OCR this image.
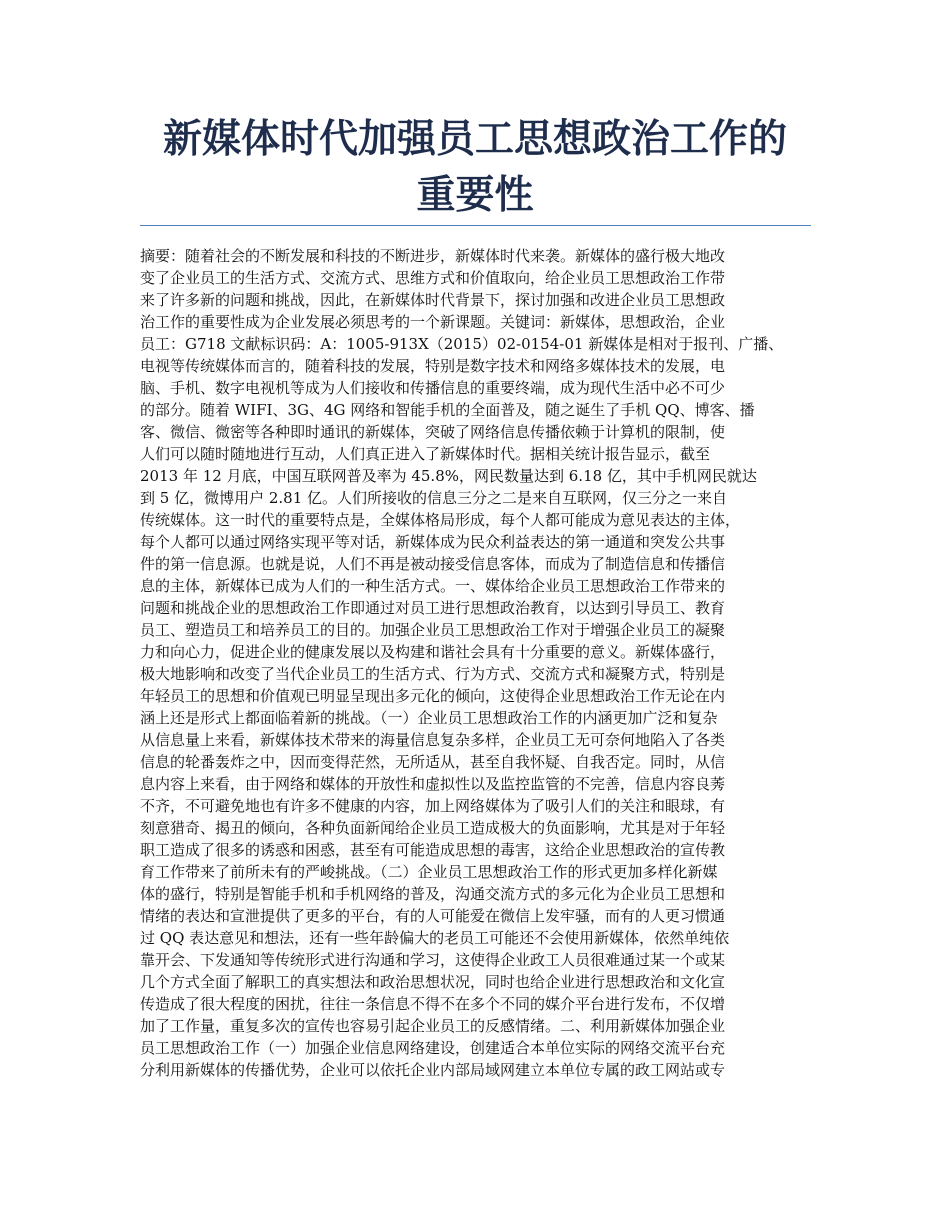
新媒体时代加强员工思想政治工作的
重要性
摘要：随着社会的不断发展和科技的不断进步，新媒体时代来袭。新媒体的盛行极大地改
变了企业员工的生活方式、交流方式、思维方式和价值取向，给企业员工思想政治工作带
来了许多新的问题和挑战，因此，在新媒体时代背景下，探讨加强和改进企业员工思想政
治工作的重要性成为企业发展必须思考的一个新课题。关键词：新媒体，思想政治，企业
员工：G718 文献标识码：A：1005-913X（2015）02-0154-01 新媒体是相对于报刊、广播、
电视等传统媒体而言的，随着科技的发展，特别是数字技术和网络多媒体技术的发展，电
脑、手机、数字电视机等成为人们接收和传播信息的重要终端，成为现代生活中必不可少
的部分。随着 WIFI、3G、4G 网络和智能手机的全面普及，随之诞生了手机 QQ、博客、播
客、微信、微密等各种即时通讯的新媒体，突破了网络信息传播依赖于计算机的限制，使
人们可以随时随地进行互动，人们真正进入了新媒体时代。据相关统计报告显示，截至
2013 年 12 月底，中国互联网普及率为 45.8%，网民数量达到 6.18 亿，其中手机网民就达
到 5 亿，微博用户 2.81 亿。人们所接收的信息三分之二是来自互联网，仅三分之一来自
传统媒体。这一时代的重要特点是，全媒体格局形成，每个人都可能成为意见表达的主体，
每个人都可以通过网络实现平等对话，新媒体成为民众利益表达的第一通道和突发公共事
件的第一信息源。也就是说，人们不再是被动接受信息客体，而成为了制造信息和传播信
息的主体，新媒体已成为人们的一种生活方式。一、媒体给企业员工思想政治工作带来的
问题和挑战企业的思想政治工作即通过对员工进行思想政治教育，以达到引导员工、教育
员工、塑造员工和培养员工的目的。加强企业员工思想政治工作对于增强企业员工的凝聚
力和向心力，促进企业的健康发展以及构建和谐社会具有十分重要的意义。新媒体盛行，
极大地影响和改变了当代企业员工的生活方式、行为方式、交流方式和凝聚方式，特别是
年轻员工的思想和价值观已明显呈现出多元化的倾向，这使得企业思想政治工作无论在内
涵上还是形式上都面临着新的挑战。（一）企业员工思想政治工作的内涵更加广泛和复杂
从信息量上来看，新媒体技术带来的海量信息复杂多样，企业员工无可奈何地陷入了各类
信息的轮番轰炸之中，因而变得茫然，无所适从，甚至自我怀疑、自我否定。同时，从信
息内容上来看，由于网络和媒体的开放性和虚拟性以及监控监管的不完善，信息内容良莠
不齐，不可避免地也有许多不健康的内容，加上网络媒体为了吸引人们的关注和眼球，有
刻意猎奇、揭丑的倾向，各种负面新闻给企业员工造成极大的负面影响，尤其是对于年轻
职工造成了很多的诱惑和困惑，甚至有可能造成思想的毒害，这给企业思想政治的宣传教
育工作带来了前所未有的严峻挑战。（二）企业员工思想政治工作的形式更加多样化新媒
体的盛行，特别是智能手机和手机网络的普及，沟通交流方式的多元化为企业员工思想和
情绪的表达和宣泄提供了更多的平台，有的人可能爱在微信上发牢骚，而有的人更习惯通
过 QQ 表达意见和想法，还有一些年龄偏大的老员工可能还不会使用新媒体，依然单纯依
靠开会、下发通知等传统形式进行沟通和学习，这使得企业政工人员很难通过某一个或某
几个方式全面了解职工的真实想法和政治思想状况，同时也给企业进行思想政治和文化宣
传造成了很大程度的困扰，往往一条信息不得不在多个不同的媒介平台进行发布，不仅增
加了工作量，重复多次的宣传也容易引起企业员工的反感情绪。二、利用新媒体加强企业
员工思想政治工作（一）加强企业信息网络建设，创建适合本单位实际的网络交流平台充
分利用新媒体的传播优势，企业可以依托企业内部局域网建立本单位专属的政工网站或专
